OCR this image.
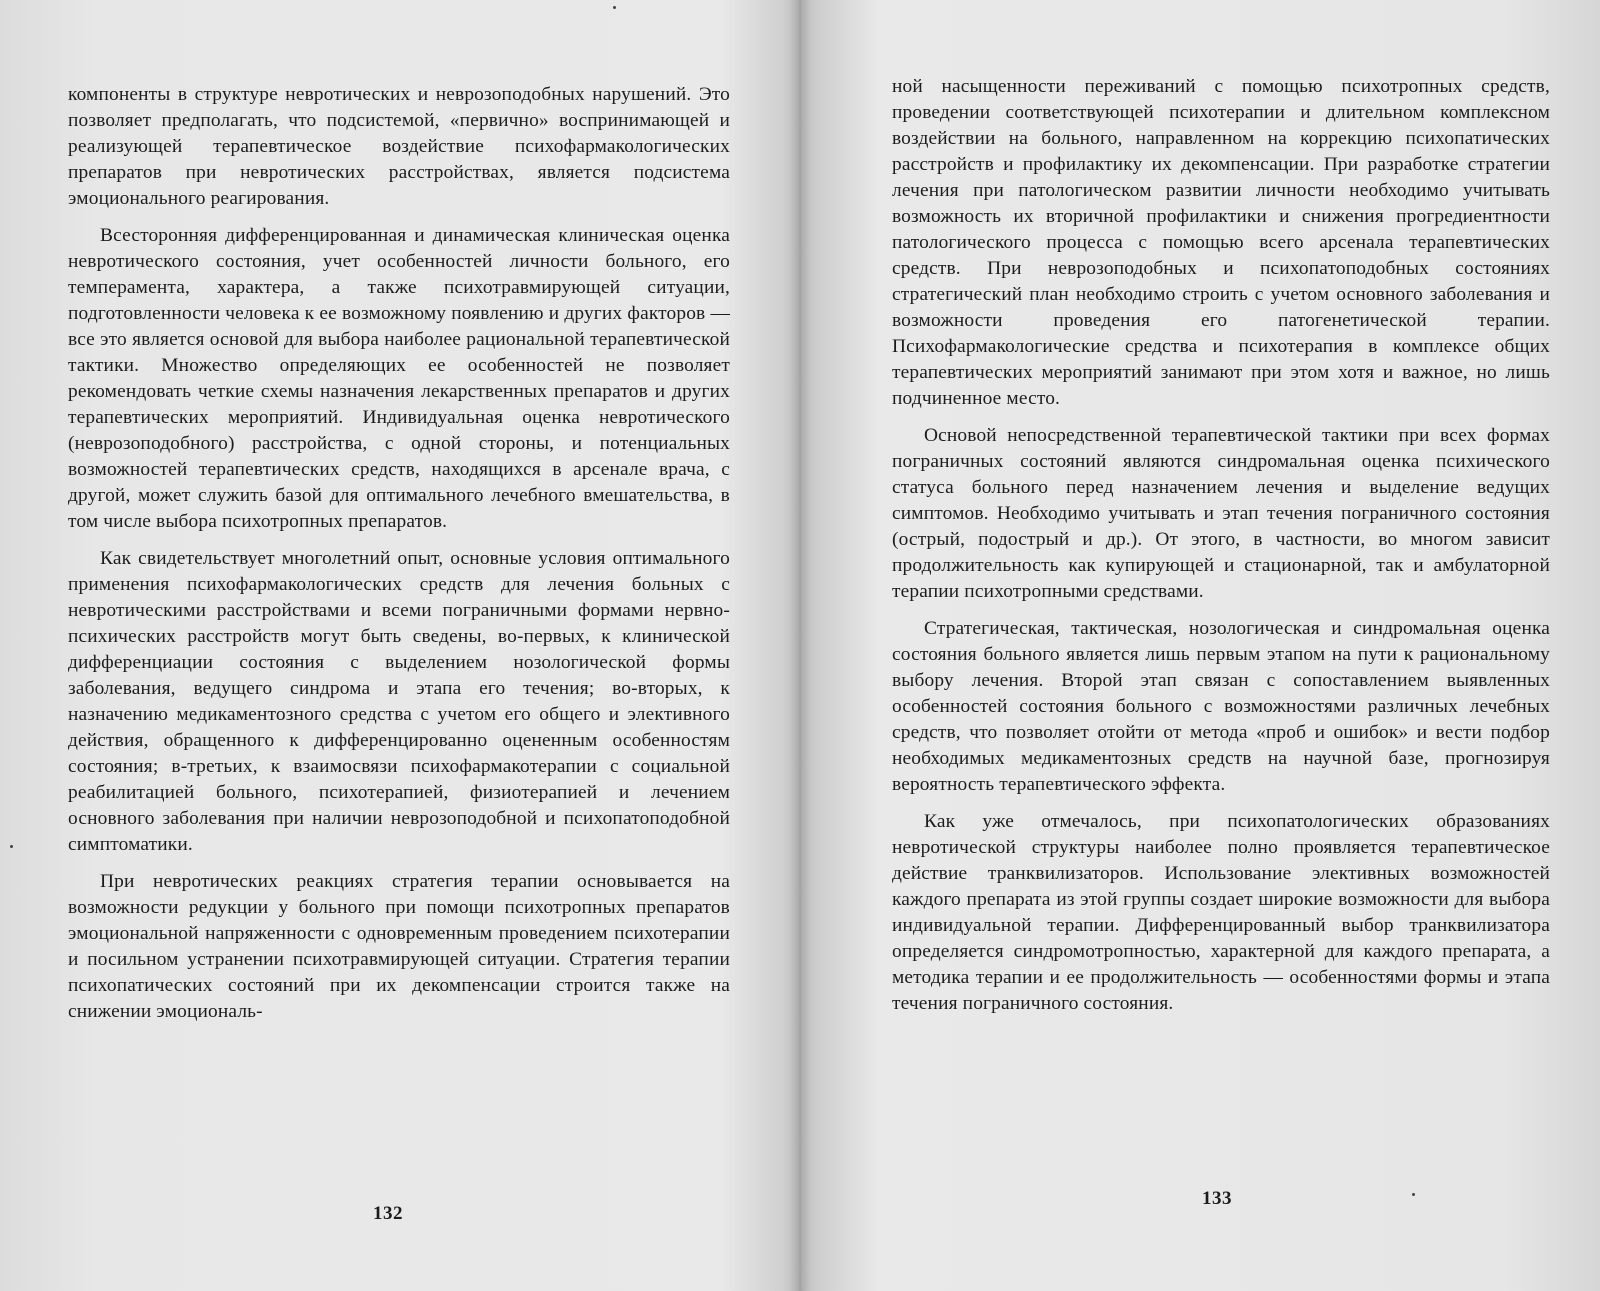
компоненты в структуре невротических и неврозоподобных нарушений. Это позволяет предполагать, что подсистемой, «первично» воспринимающей и реализующей терапевтическое воздействие психофармакологических препаратов при невротических расстройствах, является подсистема эмоционального реагирования.

Всесторонняя дифференцированная и динамическая клиническая оценка невротического состояния, учет особенностей личности больного, его темперамента, характера, а также психотравмирующей ситуации, подготовленности человека к ее возможному появлению и других факторов — все это является основой для выбора наиболее рациональной терапевтической тактики. Множество определяющих ее особенностей не позволяет рекомендовать четкие схемы назначения лекарственных препаратов и других терапевтических мероприятий. Индивидуальная оценка невротического (неврозоподобного) расстройства, с одной стороны, и потенциальных возможностей терапевтических средств, находящихся в арсенале врача, с другой, может служить базой для оптимального лечебного вмешательства, в том числе выбора психотропных препаратов.

Как свидетельствует многолетний опыт, основные условия оптимального применения психофармакологических средств для лечения больных с невротическими расстройствами и всеми пограничными формами нервно-психических расстройств могут быть сведены, во-первых, к клинической дифференциации состояния с выделением нозологической формы заболевания, ведущего синдрома и этапа его течения; во-вторых, к назначению медикаментозного средства с учетом его общего и элективного действия, обращенного к дифференцированно оцененным особенностям состояния; в-третьих, к взаимосвязи психофармакотерапии с социальной реабилитацией больного, психотерапией, физиотерапией и лечением основного заболевания при наличии неврозоподобной и психопатоподобной симптоматики.

При невротических реакциях стратегия терапии основывается на возможности редукции у больного при помощи психотропных препаратов эмоциональной напряженности с одновременным проведением психотерапии и посильном устранении психотравмирующей ситуации. Стратегия терапии психопатических состояний при их декомпенсации строится также на снижении эмоциональ-

132

ной насыщенности переживаний с помощью психотропных средств, проведении соответствующей психотерапии и длительном комплексном воздействии на больного, направленном на коррекцию психопатических расстройств и профилактику их декомпенсации. При разработке стратегии лечения при патологическом развитии личности необходимо учитывать возможность их вторичной профилактики и снижения прогредиентности патологического процесса с помощью всего арсенала терапевтических средств. При неврозоподобных и психопатоподобных состояниях стратегический план необходимо строить с учетом основного заболевания и возможности проведения его патогенетической терапии. Психофармакологические средства и психотерапия в комплексе общих терапевтических мероприятий занимают при этом хотя и важное, но лишь подчиненное место.

Основой непосредственной терапевтической тактики при всех формах пограничных состояний являются синдромальная оценка психического статуса больного перед назначением лечения и выделение ведущих симптомов. Необходимо учитывать и этап течения пограничного состояния (острый, подострый и др.). От этого, в частности, во многом зависит продолжительность как купирующей и стационарной, так и амбулаторной терапии психотропными средствами.

Стратегическая, тактическая, нозологическая и синдромальная оценка состояния больного является лишь первым этапом на пути к рациональному выбору лечения. Второй этап связан с сопоставлением выявленных особенностей состояния больного с возможностями различных лечебных средств, что позволяет отойти от метода «проб и ошибок» и вести подбор необходимых медикаментозных средств на научной базе, прогнозируя вероятность терапевтического эффекта.

Как уже отмечалось, при психопатологических образованиях невротической структуры наиболее полно проявляется терапевтическое действие транквилизаторов. Использование элективных возможностей каждого препарата из этой группы создает широкие возможности для выбора индивидуальной терапии. Дифференцированный выбор транквилизатора определяется синдромотропностью, характерной для каждого препарата, а методика терапии и ее продолжительность — особенностями формы и этапа течения пограничного состояния.

133
